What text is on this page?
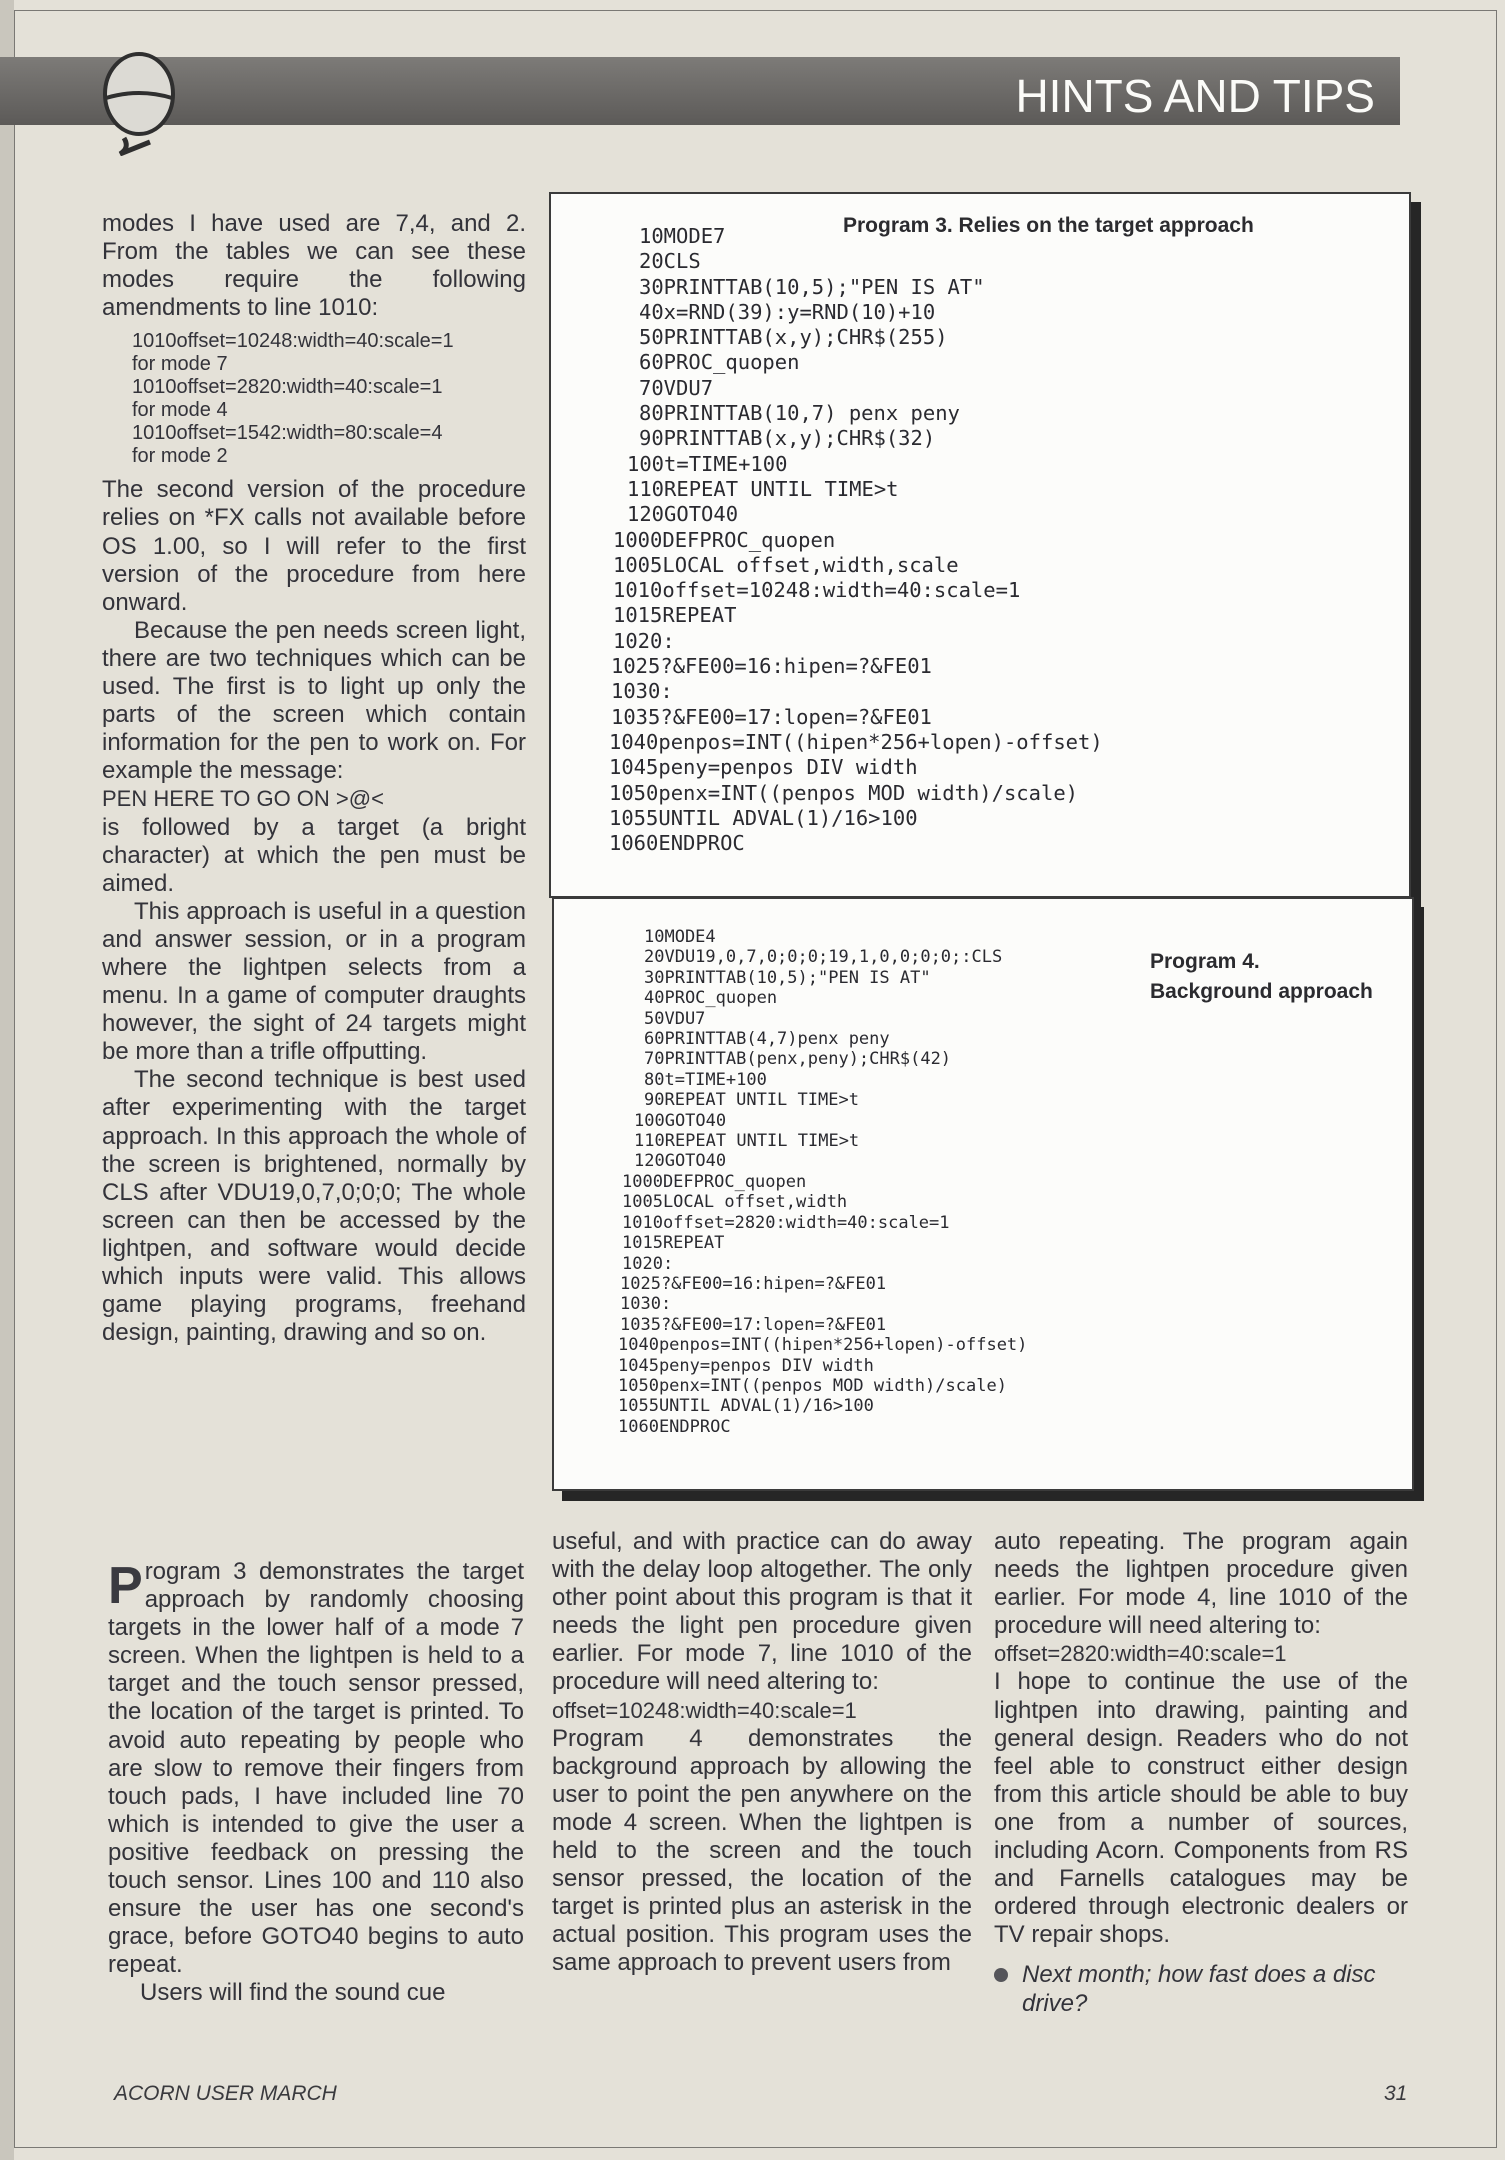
HINTS AND TIPS

modes I have used are 7,4, and 2. From the tables we can see these modes require the following amendments to line 1010:

1010offset=10248:width=40:scale=1

for mode 7

1010offset=2820:width=40:scale=1

for mode 4

1010offset=1542:width=80:scale=4

for mode 2

The second version of the procedure relies on *FX calls not available before OS 1.00, so I will refer to the first version of the procedure from here onward.

Because the pen needs screen light, there are two techniques which can be used. The first is to light up only the parts of the screen which contain information for the pen to work on. For example the message:

PEN HERE TO GO ON >@<

is followed by a target (a bright character) at which the pen must be aimed.

This approach is useful in a question and answer session, or in a program where the lightpen selects from a menu. In a game of computer draughts however, the sight of 24 targets might be more than a trifle offputting.

The second technique is best used after experimenting with the target approach. In this approach the whole of the screen is brightened, normally by CLS after VDU19,0,7,0;0;0; The whole screen can then be accessed by the lightpen, and software would decide which inputs were valid. This allows game playing programs, freehand design, painting, drawing and so on.

Program 3. Relies on the target approach
10MODE7
20CLS
30PRINTTAB(10,5);"PEN IS AT"
40x=RND(39):y=RND(10)+10
50PRINTTAB(x,y);CHR$(255)
60PROC_quopen
70VDU7
80PRINTTAB(10,7) penx peny
90PRINTTAB(x,y);CHR$(32)
100t=TIME+100
110REPEAT UNTIL TIME>t
120GOTO40
1000DEFPROC_quopen
1005LOCAL offset,width,scale
1010offset=10248:width=40:scale=1
1015REPEAT
1020:
1025?&FE00=16:hipen=?&FE01
1030:
1035?&FE00=17:lopen=?&FE01
1040penpos=INT((hipen*256+lopen)-offset)
1045peny=penpos DIV width
1050penx=INT((penpos MOD width)/scale)
1055UNTIL ADVAL(1)/16>100
1060ENDPROC
Program 4.
Background approach
10MODE4
20VDU19,0,7,0;0;0;19,1,0,0;0;0;:CLS
30PRINTTAB(10,5);"PEN IS AT"
40PROC_quopen
50VDU7
60PRINTTAB(4,7)penx peny
70PRINTTAB(penx,peny);CHR$(42)
80t=TIME+100
90REPEAT UNTIL TIME>t
100GOTO40
110REPEAT UNTIL TIME>t
120GOTO40
1000DEFPROC_quopen
1005LOCAL offset,width
1010offset=2820:width=40:scale=1
1015REPEAT
1020:
1025?&FE00=16:hipen=?&FE01
1030:
1035?&FE00=17:lopen=?&FE01
1040penpos=INT((hipen*256+lopen)-offset)
1045peny=penpos DIV width
1050penx=INT((penpos MOD width)/scale)
1055UNTIL ADVAL(1)/16>100
1060ENDPROC

Program 3 demonstrates the target approach by randomly choosing targets in the lower half of a mode 7 screen. When the lightpen is held to a target and the touch sensor pressed, the location of the target is printed. To avoid auto repeating by people who are slow to remove their fingers from touch pads, I have included line 70 which is intended to give the user a positive feedback on pressing the touch sensor. Lines 100 and 110 also ensure the user has one second's grace, before GOTO40 begins to auto repeat.

Users will find the sound cue

useful, and with practice can do away with the delay loop altogether. The only other point about this program is that it needs the light pen procedure given earlier. For mode 7, line 1010 of the procedure will need altering to:

offset=10248:width=40:scale=1

Program 4 demonstrates the background approach by allowing the user to point the pen anywhere on the mode 4 screen. When the lightpen is held to the screen and the touch sensor pressed, the location of the target is printed plus an asterisk in the actual position. This program uses the same approach to prevent users from

auto repeating. The program again needs the lightpen procedure given earlier. For mode 4, line 1010 of the procedure will need altering to:

offset=2820:width=40:scale=1

I hope to continue the use of the lightpen into drawing, painting and general design. Readers who do not feel able to construct either design from this article should be able to buy one from a number of sources, including Acorn. Components from RS and Farnells catalogues may be ordered through electronic dealers or TV repair shops.

Next month; how fast does a disc drive?
ACORN USER MARCH	31
